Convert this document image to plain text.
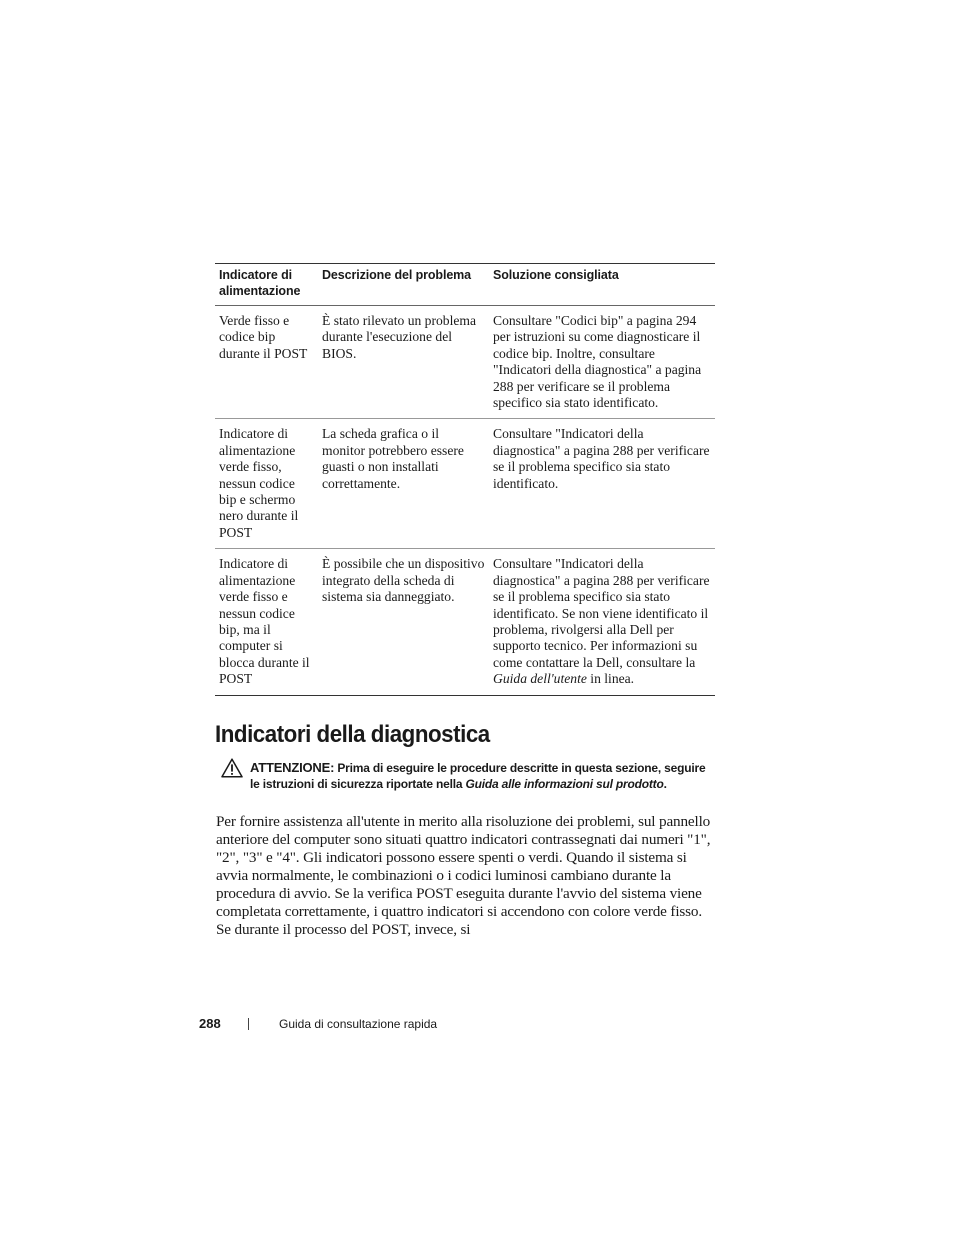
Indicatore di alimentazione	Descrizione del problema	Soluzione consigliata
Verde fisso e codice bip durante il POST	È stato rilevato un problema durante l'esecuzione del BIOS.	Consultare "Codici bip" a pagina 294 per istruzioni su come diagnosticare il codice bip. Inoltre, consultare "Indicatori della diagnostica" a pagina 288 per verificare se il problema specifico sia stato identificato.
Indicatore di alimentazione verde fisso, nessun codice bip e schermo nero durante il POST	La scheda grafica o il monitor potrebbero essere guasti o non installati correttamente.	Consultare "Indicatori della diagnostica" a pagina 288 per verificare se il problema specifico sia stato identificato.
Indicatore di alimentazione verde fisso e nessun codice bip, ma il computer si blocca durante il POST	È possibile che un dispositivo integrato della scheda di sistema sia danneggiato.	Consultare "Indicatori della diagnostica" a pagina 288 per verificare se il problema specifico sia stato identificato. Se non viene identificato il problema, rivolgersi alla Dell per supporto tecnico. Per informazioni su come contattare la Dell, consultare la Guida dell'utente in linea.
Indicatori della diagnostica
ATTENZIONE: Prima di eseguire le procedure descritte in questa sezione, seguire le istruzioni di sicurezza riportate nella Guida alle informazioni sul prodotto.

Per fornire assistenza all'utente in merito alla risoluzione dei problemi, sul pannello anteriore del computer sono situati quattro indicatori contrassegnati dai numeri "1", "2", "3" e "4". Gli indicatori possono essere spenti o verdi. Quando il sistema si avvia normalmente, le combinazioni o i codici luminosi cambiano durante la procedura di avvio. Se la verifica POST eseguita durante l'avvio del sistema viene completata correttamente, i quattro indicatori si accendono con colore verde fisso. Se durante il processo del POST, invece, si

288	Guida di consultazione rapida
